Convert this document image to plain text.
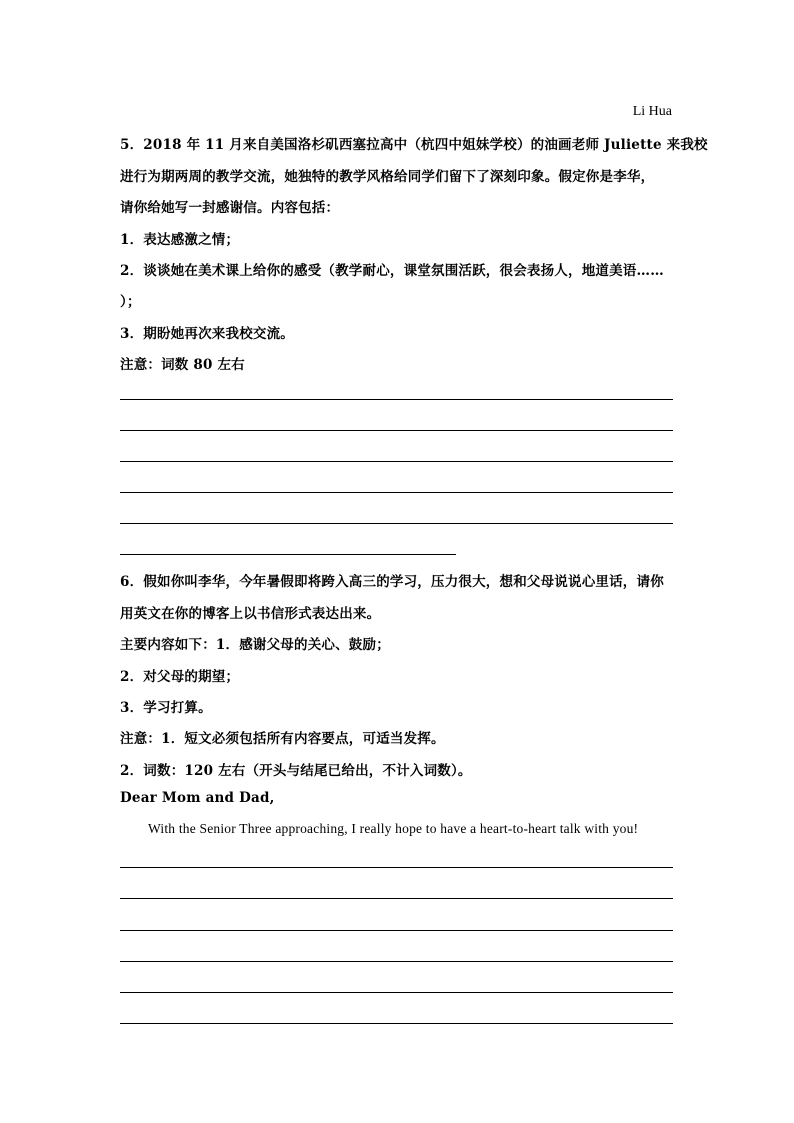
Li Hua
5．2018 年 11 月来自美国洛杉矶西塞拉高中（杭四中姐妹学校）的油画老师 Juliette 来我校
进行为期两周的教学交流，她独特的教学风格给同学们留下了深刻印象。假定你是李华，
请你给她写一封感谢信。内容包括：
1．表达感激之情；
2．谈谈她在美术课上给你的感受（教学耐心，课堂氛围活跃，很会表扬人，地道美语……
）；
3．期盼她再次来我校交流。
注意：词数 80 左右
6．假如你叫李华，今年暑假即将跨入高三的学习，压力很大，想和父母说说心里话，请你
用英文在你的博客上以书信形式表达出来。
主要内容如下：1．感谢父母的关心、鼓励；
2．对父母的期望；
3．学习打算。
注意：1．短文必须包括所有内容要点，可适当发挥。
2．词数：120 左右（开头与结尾已给出，不计入词数）。
Dear Mom and Dad,
With the Senior Three approaching, I really hope to have a heart-to-heart talk with you!
